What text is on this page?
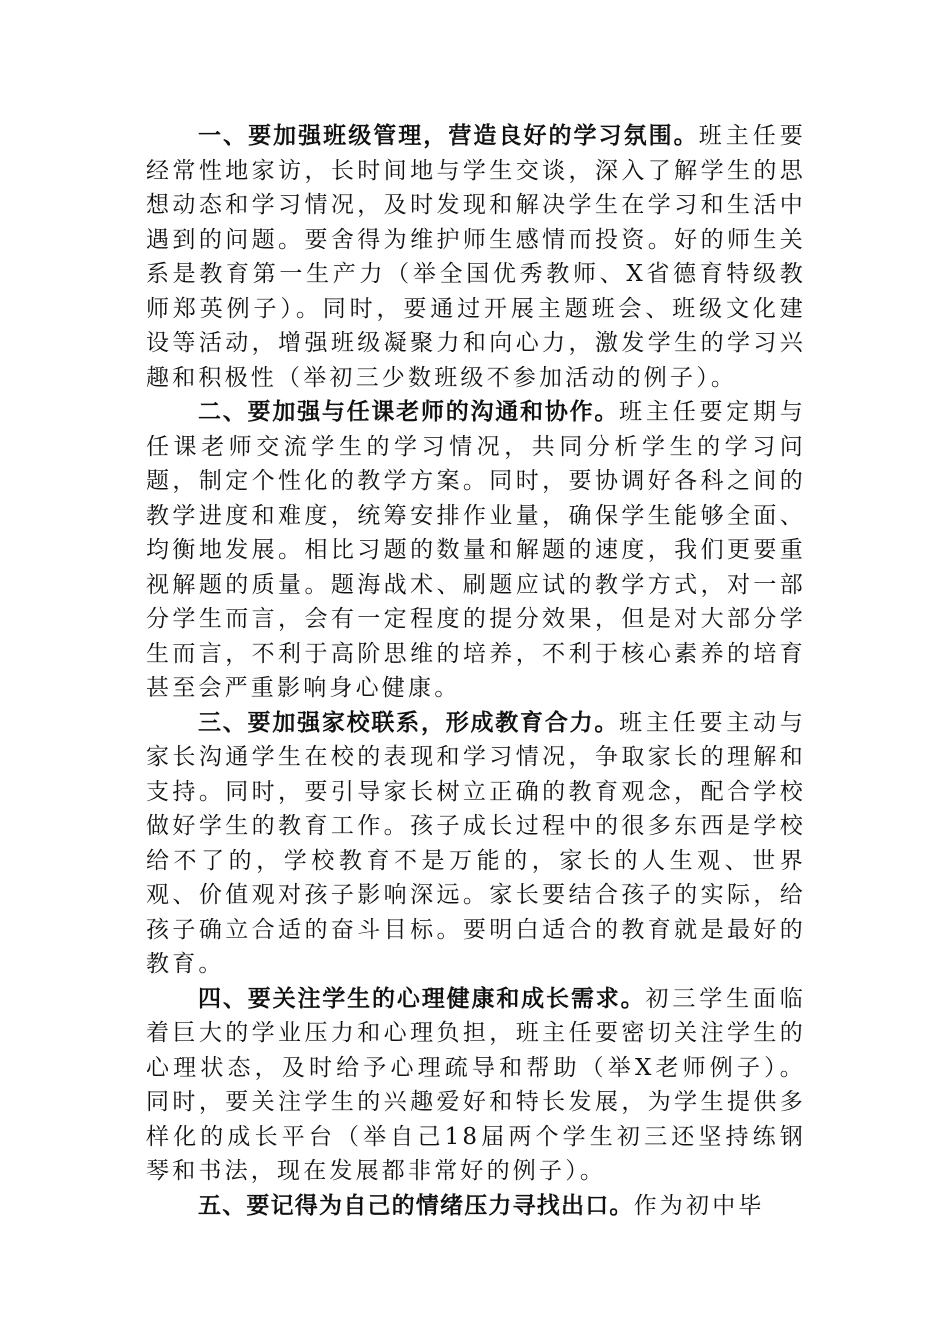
一、要加强班级管理，营造良好的学习氛围。班主任要经常性地家访，长时间地与学生交谈，深入了解学生的思想动态和学习情况，及时发现和解决学生在学习和生活中遇到的问题。要舍得为维护师生感情而投资。好的师生关系是教育第一生产力（举全国优秀教师、X省德育特级教师郑英例子）。同时，要通过开展主题班会、班级文化建设等活动，增强班级凝聚力和向心力，激发学生的学习兴趣和积极性（举初三少数班级不参加活动的例子）。

二、要加强与任课老师的沟通和协作。班主任要定期与任课老师交流学生的学习情况，共同分析学生的学习问题，制定个性化的教学方案。同时，要协调好各科之间的教学进度和难度，统筹安排作业量，确保学生能够全面、均衡地发展。相比习题的数量和解题的速度，我们更要重视解题的质量。题海战术、刷题应试的教学方式，对一部分学生而言，会有一定程度的提分效果，但是对大部分学生而言，不利于高阶思维的培养，不利于核心素养的培育甚至会严重影响身心健康。

三、要加强家校联系，形成教育合力。班主任要主动与家长沟通学生在校的表现和学习情况，争取家长的理解和支持。同时，要引导家长树立正确的教育观念，配合学校做好学生的教育工作。孩子成长过程中的很多东西是学校给不了的，学校教育不是万能的，家长的人生观、世界观、价值观对孩子影响深远。家长要结合孩子的实际，给孩子确立合适的奋斗目标。要明白适合的教育就是最好的教育。

四、要关注学生的心理健康和成长需求。初三学生面临着巨大的学业压力和心理负担，班主任要密切关注学生的心理状态，及时给予心理疏导和帮助（举X老师例子）。同时，要关注学生的兴趣爱好和特长发展，为学生提供多样化的成长平台（举自己18届两个学生初三还坚持练钢琴和书法，现在发展都非常好的例子）。

五、要记得为自己的情绪压力寻找出口。作为初中毕
